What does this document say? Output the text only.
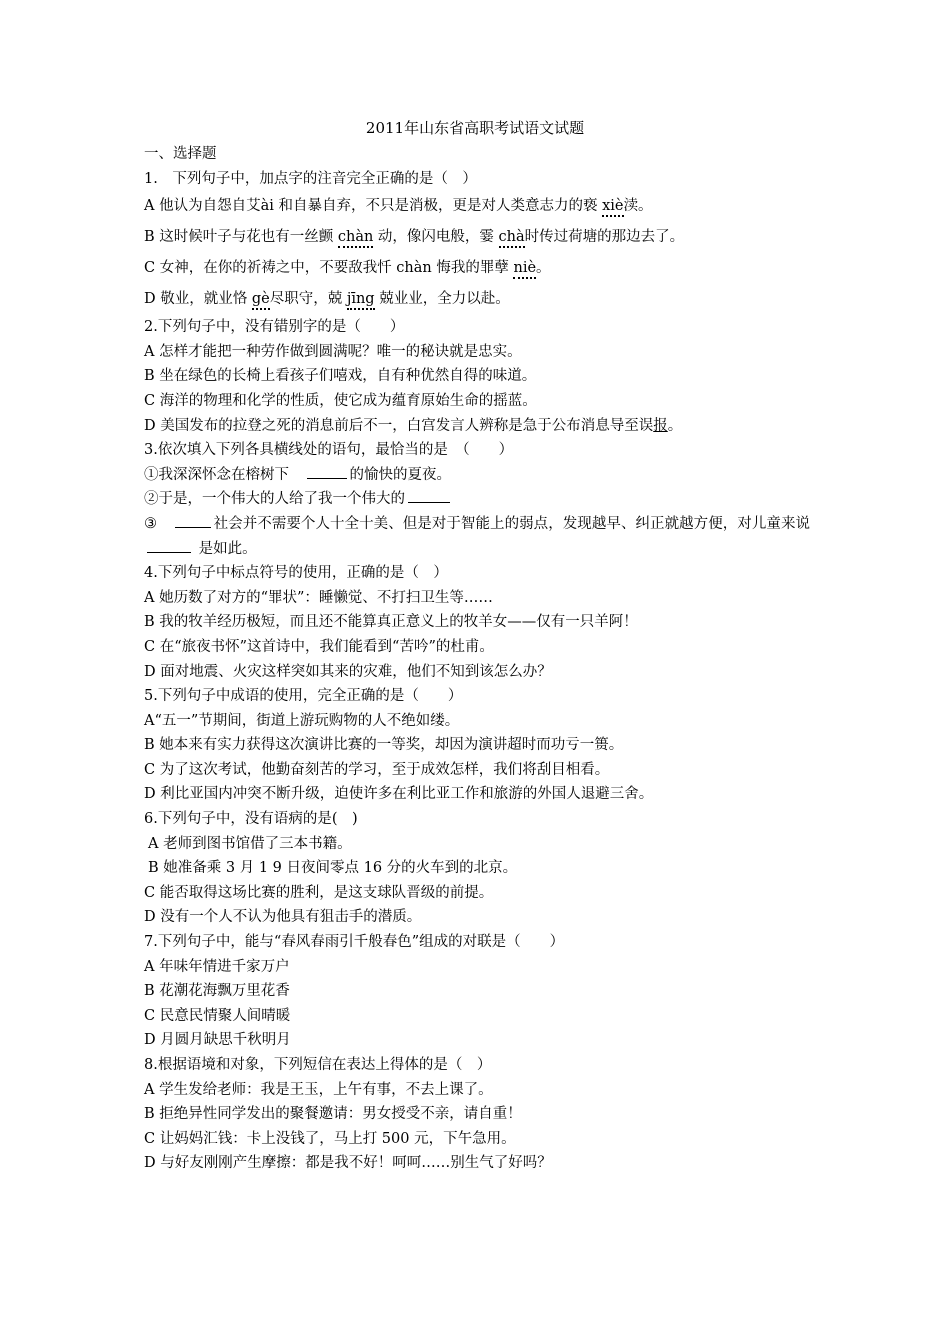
2011年山东省高职考试语文试题
一、选择题
1.　下列句子中，加点字的注音完全正确的是（　）
A 他认为自怨自艾ài 和自暴自弃，不只是消极，更是对人类意志力的亵 xiè渎。
B 这时候叶子与花也有一丝颤 chàn 动，像闪电般，霎 chà时传过荷塘的那边去了。
C 女神，在你的祈祷之中，不要敌我忏 chàn 悔我的罪孽 niè。
D 敬业，就业恪 gè尽职守，兢 jīng 兢业业，全力以赴。
2.下列句子中，没有错别字的是（　　）
A 怎样才能把一种劳作做到圆满呢？唯一的秘诀就是忠实。
B 坐在绿色的长椅上看孩子们嘻戏，自有种优然自得的味道。
C 海洋的物理和化学的性质，使它成为蕴育原始生命的摇蓝。
D 美国发布的拉登之死的消息前后不一，白宫发言人辨称是急于公布消息导至误报。
3.依次填入下列各具横线处的语句，最恰当的是　（　　）
①我深深怀念在榕树下　	的愉快的夏夜。
②于是，一个伟大的人给了我一个伟大的
③　	社会并不需要个人十全十美、但是对于智能上的弱点，发现越早、纠正就越方便，对儿童来说 是如此。
4.下列句子中标点符号的使用，正确的是（　）
A 她历数了对方的“罪状”：睡懒觉、不打扫卫生等……
B 我的牧羊经历极短，而且还不能算真正意义上的牧羊女——仅有一只羊阿！
C 在“旅夜书怀”这首诗中，我们能看到“苦吟”的杜甫。
D 面对地震、火灾这样突如其来的灾难，他们不知到该怎么办？
5.下列句子中成语的使用，完全正确的是（　　）
A“五一”节期间，街道上游玩购物的人不绝如缕。
B 她本来有实力获得这次演讲比赛的一等奖，却因为演讲超时而功亏一篑。
C 为了这次考试，他勤奋刻苦的学习，至于成效怎样，我们将刮目相看。
D 利比亚国内冲突不断升级，迫使许多在利比亚工作和旅游的外国人退避三舍。
6.下列句子中，没有语病的是(　)
A 老师到图书馆借了三本书籍。
B 她准备乘 3 月 1 9 日夜间零点 16 分的火车到的北京。
C 能否取得这场比赛的胜利，是这支球队晋级的前提。
D 没有一个人不认为他具有狙击手的潜质。
7.下列句子中，能与“春风春雨引千般春色”组成的对联是（　　）
A 年味年情进千家万户
B 花潮花海飘万里花香
C 民意民情聚人间晴暖
D 月圆月缺思千秋明月
8.根据语境和对象，下列短信在表达上得体的是（　）
A 学生发给老师：我是王玉，上午有事，不去上课了。
B 拒绝异性同学发出的聚餐邀请：男女授受不亲，请自重！
C 让妈妈汇钱：卡上没钱了，马上打 500 元，下午急用。
D 与好友刚刚产生摩擦：都是我不好！呵呵……别生气了好吗？
